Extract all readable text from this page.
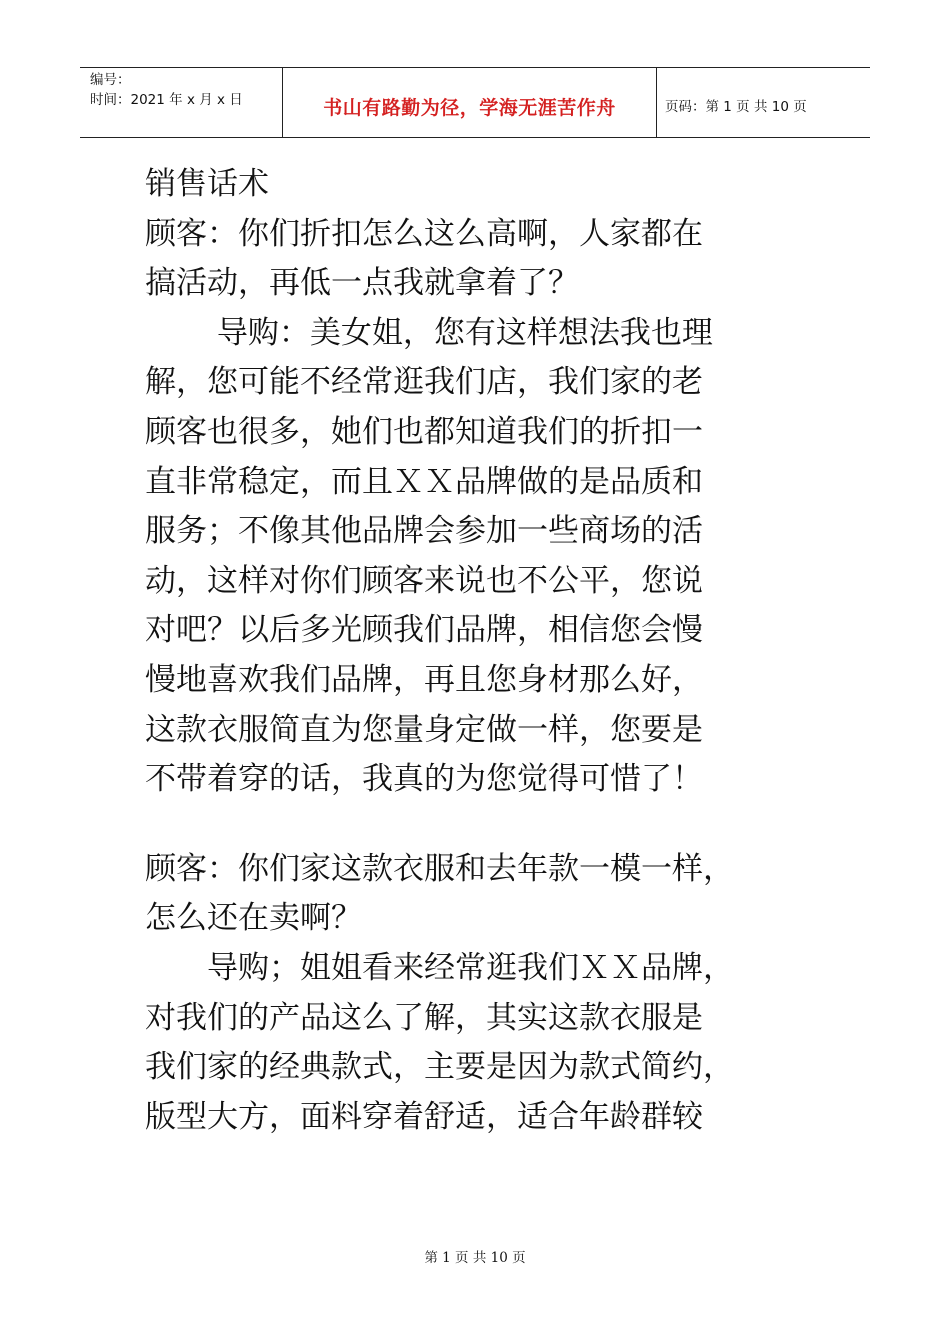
编号：
时间：2021 年 x 月 x 日	书山有路勤为径，学海无涯苦作舟	页码：第 1 页 共 10 页
销售话术
顾客：你们折扣怎么这么高啊，人家都在
搞活动，再低一点我就拿着了？
　　 导购：美女姐，您有这样想法我也理
解，您可能不经常逛我们店，我们家的老
顾客也很多，她们也都知道我们的折扣一
直非常稳定，而且ＸＸ品牌做的是品质和
服务；不像其他品牌会参加一些商场的活
动，这样对你们顾客来说也不公平，您说
对吧？以后多光顾我们品牌，相信您会慢
慢地喜欢我们品牌，再且您身材那么好，
这款衣服简直为您量身定做一样，您要是
不带着穿的话，我真的为您觉得可惜了！
顾客：你们家这款衣服和去年款一模一样，
怎么还在卖啊？
　　导购；姐姐看来经常逛我们ＸＸ品牌，
对我们的产品这么了解，其实这款衣服是
我们家的经典款式，主要是因为款式简约，
版型大方，面料穿着舒适，适合年龄群较
第 1 页 共 10 页
